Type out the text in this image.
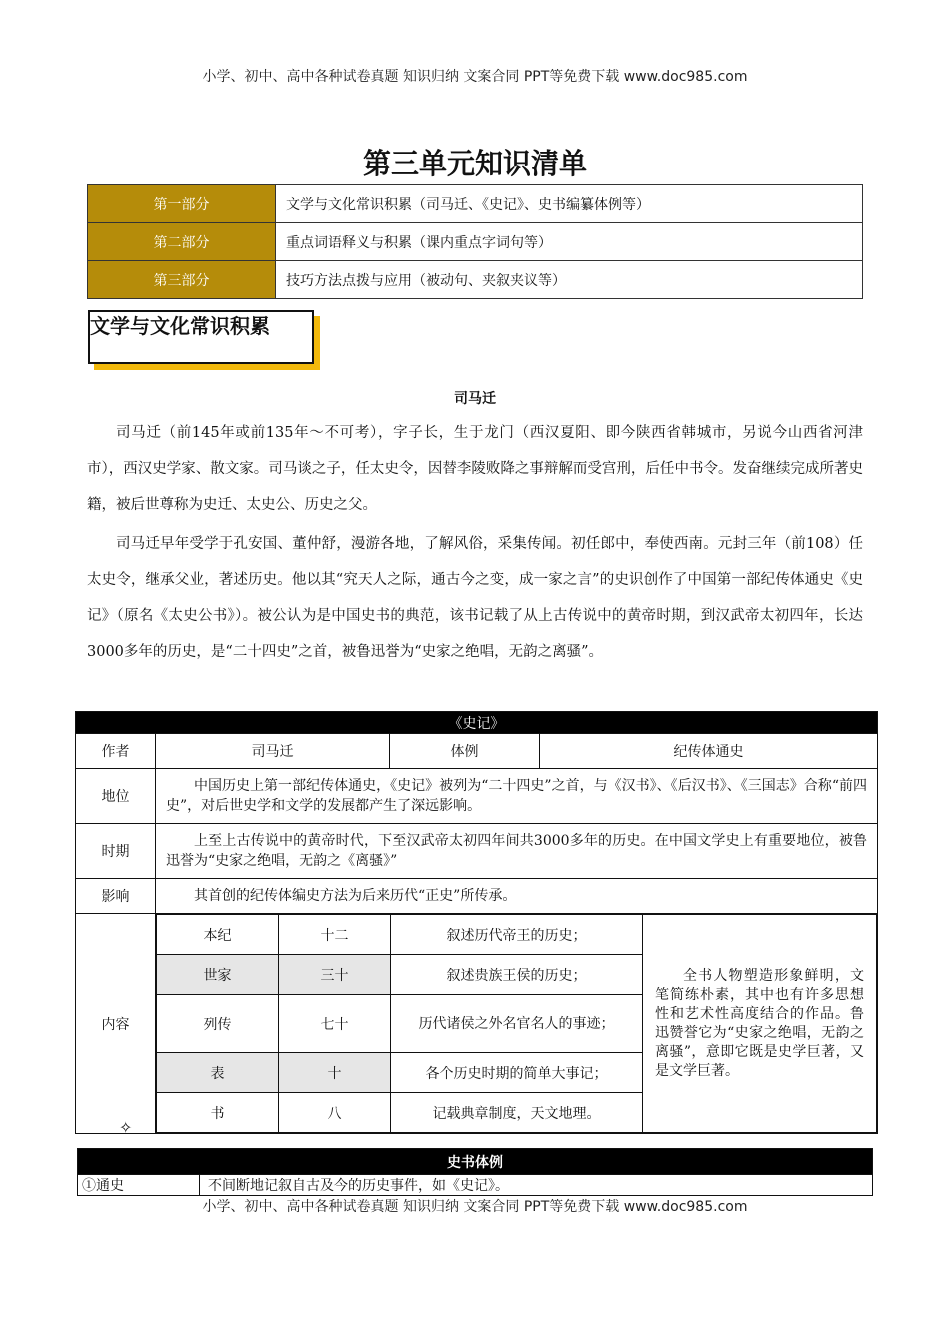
小学、初中、高中各种试卷真题 知识归纳 文案合同 PPT等免费下载 www.doc985.com
第三单元知识清单
第一部分	文学与文化常识积累（司马迁、《史记》、史书编纂体例等）
第二部分	重点词语释义与积累（课内重点字词句等）
第三部分	技巧方法点拨与应用（被动句、夹叙夹议等）
文学与文化常识积累
司马迁

司马迁（前145年或前135年～不可考），字子长，生于龙门（西汉夏阳、即今陕西省韩城市，另说今山西省河津市），西汉史学家、散文家。司马谈之子，任太史令，因替李陵败降之事辩解而受宫刑，后任中书令。发奋继续完成所著史籍，被后世尊称为史迁、太史公、历史之父。

司马迁早年受学于孔安国、董仲舒，漫游各地，了解风俗，采集传闻。初任郎中，奉使西南。元封三年（前108）任太史令，继承父业，著述历史。他以其“究天人之际，通古今之变，成一家之言”的史识创作了中国第一部纪传体通史《史记》（原名《太史公书》）。被公认为是中国史书的典范，该书记载了从上古传说中的黄帝时期，到汉武帝太初四年，长达3000多年的历史，是“二十四史”之首，被鲁迅誉为“史家之绝唱，无韵之离骚”。

《史记》
作者	司马迁	体例	纪传体通史
地位	中国历史上第一部纪传体通史，《史记》被列为“二十四史”之首，与《汉书》、《后汉书》、《三国志》合称“前四史”，对后世史学和文学的发展都产生了深远影响。
时期	上至上古传说中的黄帝时代，下至汉武帝太初四年间共3000多年的历史。在中国文学史上有重要地位，被鲁迅誉为“史家之绝唱，无韵之《离骚》”
影响	其首创的纪传体编史方法为后来历代“正史”所传承。
内容	
本纪	十二	叙述历代帝王的历史；	全书人物塑造形象鲜明，文笔简练朴素，其中也有许多思想性和艺术性高度结合的作品。鲁迅赞誉它为“史家之绝唱，无韵之离骚”，意即它既是史学巨著，又是文学巨著。
世家	三十	叙述贵族王侯的历史；
列传	七十	历代诸侯之外名官名人的事迹；
表	十	各个历史时期的简单大事记；
书	八	记载典章制度，天文地理。
✧
史书体例
①通史	不间断地记叙自古及今的历史事件，如《史记》。
小学、初中、高中各种试卷真题 知识归纳 文案合同 PPT等免费下载 www.doc985.com
